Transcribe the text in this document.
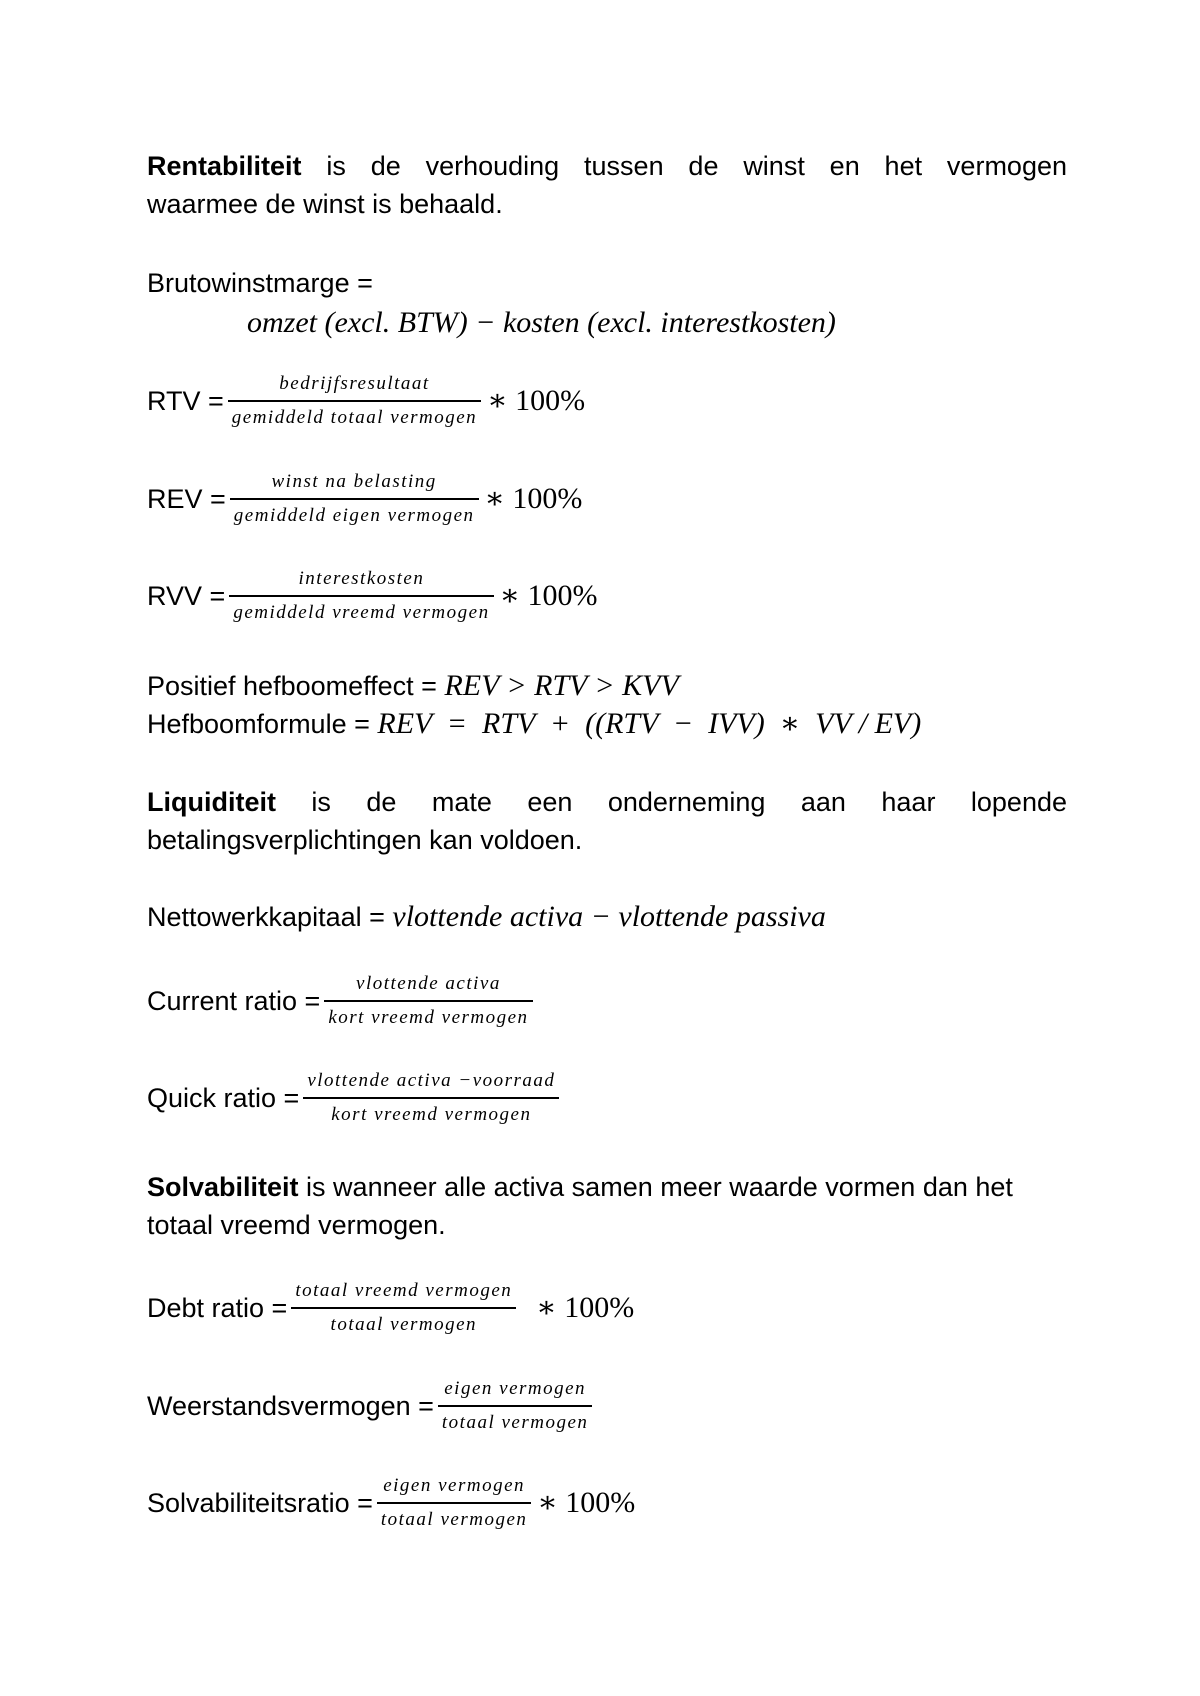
Rentabiliteit is de verhouding tussen de winst en het vermogen
waarmee de winst is behaald.
Brutowinstmarge =
omzet (excl. BTW) − kosten (excl. interestkosten)
RTV = $\frac{\text{bedrijfsresultaat}}{\text{gemiddeld totaal vermogen}}$ ∗ 100%
REV = $\frac{\text{winst na belasting}}{\text{gemiddeld eigen vermogen}}$ ∗ 100%
RVV = $\frac{\text{interestkosten}}{\text{gemiddeld vreemd vermogen}}$ ∗ 100%
Positief hefboomeffect = REV > RTV > KVV
Hefboomformule = REV  =  RTV  +  ((RTV  −  IVV)  ∗  VV / EV)
Liquiditeit is de mate een onderneming aan haar lopende
betalingsverplichtingen kan voldoen.
Nettowerkkapitaal = vlottende activa − vlottende passiva
Current ratio = $\frac{\text{vlottende activa}}{\text{kort vreemd vermogen}}$
Quick ratio = $\frac{\text{vlottende activa −voorraad}}{\text{kort vreemd vermogen}}$
Solvabiliteit is wanneer alle activa samen meer waarde vormen dan het
totaal vreemd vermogen.
Debt ratio = $\frac{\text{totaal vreemd vermogen}}{\text{totaal vermogen}}$ ∗ 100%
Weerstandsvermogen = $\frac{\text{eigen vermogen}}{\text{totaal vermogen}}$
Solvabiliteitsratio = $\frac{\text{eigen vermogen}}{\text{totaal vermogen}}$ ∗ 100%
